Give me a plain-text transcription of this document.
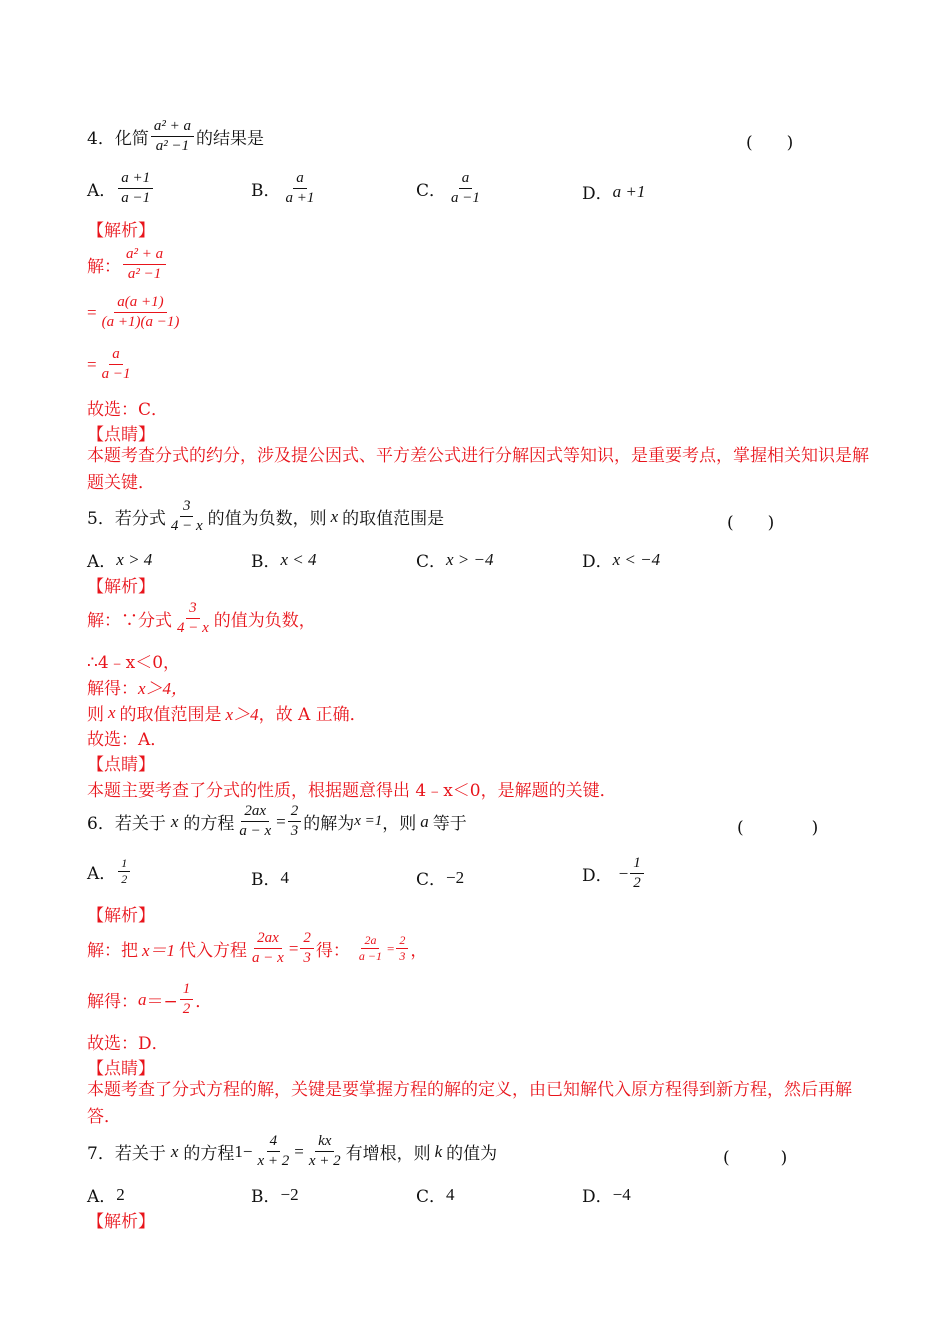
4．化简 $\frac{\text{a² + a}}{\text{a² −1}}$ 的结果是	(　　)
A． $\frac{a +1}{a -1}$	B． $\frac{a}{a +1}$	C． $\frac{a}{a -1}$	D． a +1
【解析】
解： $\frac{\text{a² + a}}{\text{a² −1}}$
= $\frac{a(a +1)}{(a +1)(a -1)}$
= $\frac{a}{a -1}$
故选：C．
【点睛】
本题考查分式的约分，涉及提公因式、平方差公式进行分解因式等知识，是重要考点，掌握相关知识是解题关键．
5．若分式 $\frac{3}{4 - x}$ 的值为负数，则 x 的取值范围是	(　　)
A． x > 4	B． x < 4	C． x > −4	D． x < −4
【解析】
解：∵分式 $\frac{3}{4 - x}$ 的值为负数，
∴4﹣x＜0，
解得： x＞4，
则 x 的取值范围是 x＞4 ，故 A 正确．
故选：A．
【点睛】
本题主要考查了分式的性质，根据题意得出 4﹣x＜0，是解题的关键．
6．若关于 x 的方程 $\frac{2ax}{a - x} = \frac{2}{3}$ 的解为 x =1 ，则 a 等于	(　　　　)
A． $\frac{1}{2}$	B． 4	C． −2	D． − $\frac{1}{2}$
【解析】
解：把 x＝1 代入方程 $\frac{2ax}{a - x} = \frac{2}{3}$ 得： $\frac{2a}{a -1} = \frac{2}{3}$ ，
解得： $a =- \frac{1}{2}$ ．
故选：D．
【点睛】
本题考查了分式方程的解，关键是要掌握方程的解的定义，由已知解代入原方程得到新方程，然后再解答．
7．若关于 x 的方程 $1- \frac{4}{x + 2} = \frac{kx}{x + 2}$ 有增根，则 k 的值为	(　　　)
A． 2	B． −2	C． 4	D． −4
【解析】
